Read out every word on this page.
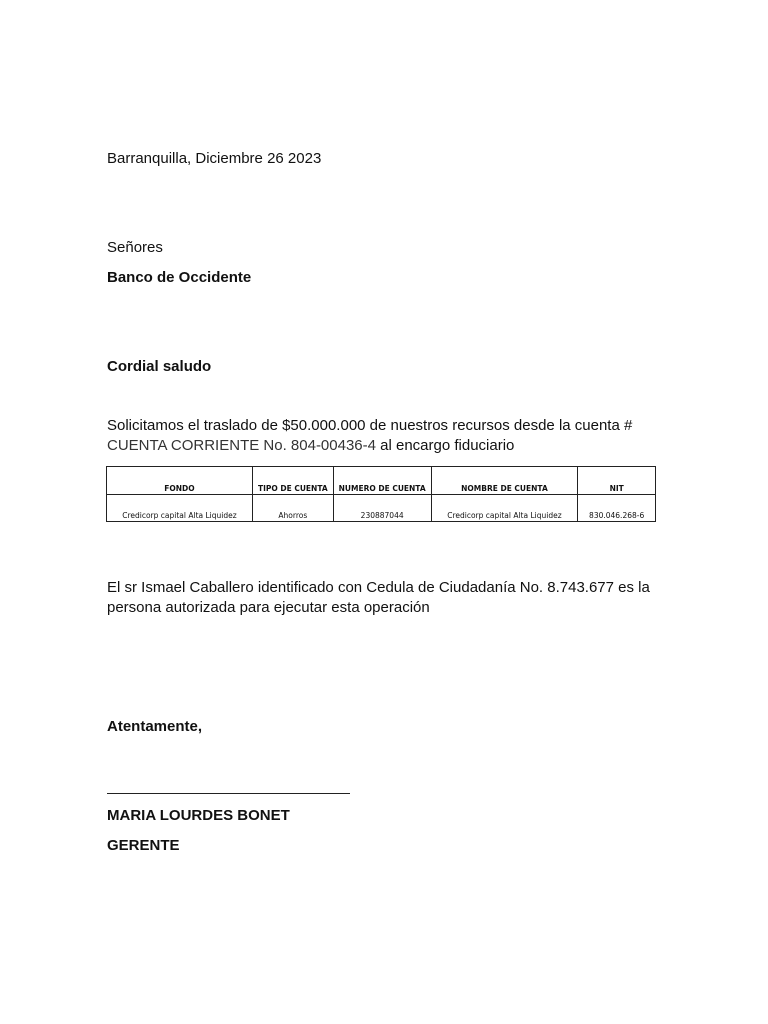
Barranquilla, Diciembre 26 2023
Señores
Banco de Occidente
Cordial saludo
Solicitamos el traslado de $50.000.000 de nuestros recursos desde la cuenta #
CUENTA CORRIENTE No. 804-00436-4 al encargo fiduciario
FONDO	TIPO DE CUENTA	NUMERO DE CUENTA	NOMBRE DE CUENTA	NIT
Credicorp capital Alta Liquidez	Ahorros	230887044	Credicorp capital Alta Liquidez	830.046.268-6
El sr Ismael Caballero identificado con Cedula de Ciudadanía No. 8.743.677 es la
persona autorizada para ejecutar esta operación
Atentamente,
MARIA LOURDES BONET
GERENTE
